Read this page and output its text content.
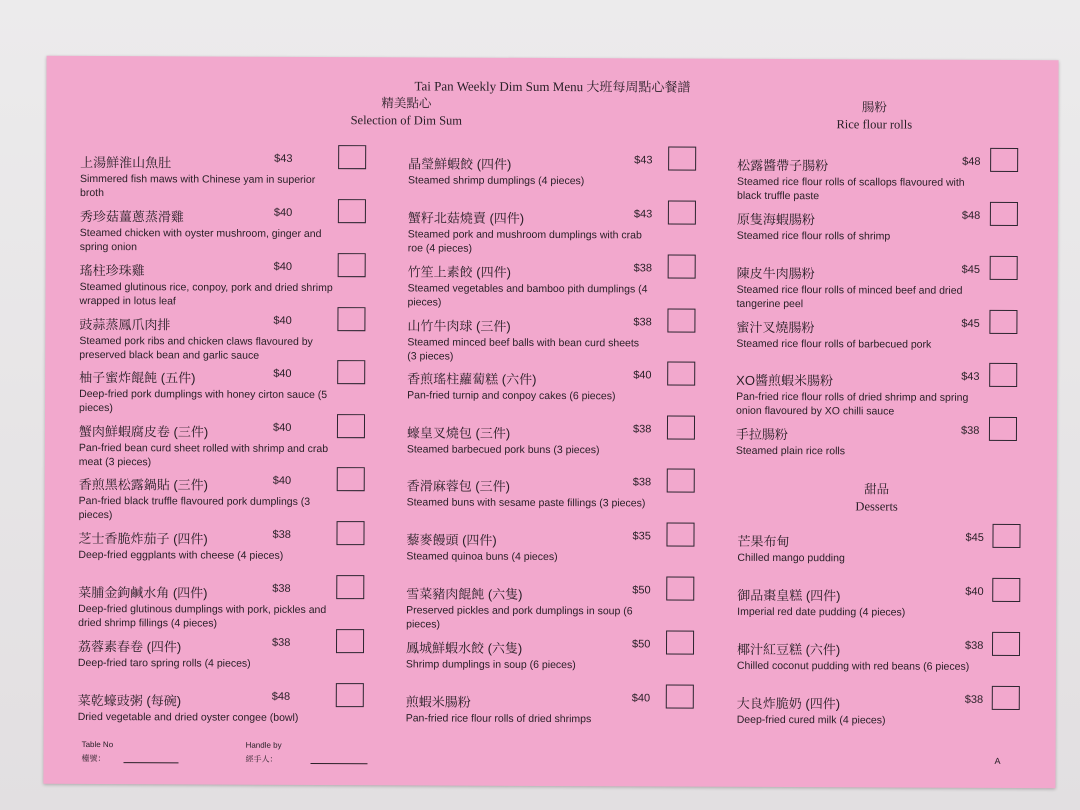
Tai Pan Weekly Dim Sum Menu 大班每周點心餐譜
精美點心
Selection of Dim Sum
腸粉
Rice flour rolls
甜品
Desserts
上湯鮮淮山魚肚	$43
Simmered fish maws with Chinese yam in superior broth
秀珍菇薑蔥蒸滑雞	$40
Steamed chicken with oyster mushroom, ginger and spring onion
瑤柱珍珠雞	$40
Steamed glutinous rice, conpoy, pork and dried shrimp wrapped in lotus leaf
豉蒜蒸鳳爪肉排	$40
Steamed pork ribs and chicken claws flavoured by preserved black bean and garlic sauce
柚子蜜炸餛飩 (五件)	$40
Deep-fried pork dumplings with honey cirton sauce (5 pieces)
蟹肉鮮蝦腐皮卷 (三件)	$40
Pan-fried bean curd sheet rolled with shrimp and crab meat (3 pieces)
香煎黑松露鍋貼 (三件)	$40
Pan-fried black truffle flavoured pork dumplings (3 pieces)
芝士香脆炸茄子 (四件)	$38
Deep-fried eggplants with cheese (4 pieces)
菜脯金鉤鹹水角 (四件)	$38
Deep-fried glutinous dumplings with pork, pickles and dried shrimp fillings (4 pieces)
荔蓉素春卷 (四件)	$38
Deep-fried taro spring rolls (4 pieces)
菜乾蠔豉粥 (每碗)	$48
Dried vegetable and dried oyster congee (bowl)
晶瑩鮮蝦餃 (四件)	$43
Steamed shrimp dumplings (4 pieces)
蟹籽北菇燒賣 (四件)	$43
Steamed pork and mushroom dumplings with crab roe (4 pieces)
竹笙上素餃 (四件)	$38
Steamed vegetables and bamboo pith dumplings (4 pieces)
山竹牛肉球 (三件)	$38
Steamed minced beef balls with bean curd sheets (3 pieces)
香煎瑤柱蘿蔔糕 (六件)	$40
Pan-fried turnip and conpoy cakes (6 pieces)
蠔皇叉燒包 (三件)	$38
Steamed barbecued pork buns (3 pieces)
香滑麻蓉包 (三件)	$38
Steamed buns with sesame paste fillings (3 pieces)
藜麥饅頭 (四件)	$35
Steamed quinoa buns (4 pieces)
雪菜豬肉餛飩 (六隻)	$50
Preserved pickles and pork dumplings in soup (6 pieces)
鳳城鮮蝦水餃 (六隻)	$50
Shrimp dumplings in soup (6 pieces)
煎蝦米腸粉	$40
Pan-fried rice flour rolls of dried shrimps
松露醬帶子腸粉	$48
Steamed rice flour rolls of scallops flavoured with black truffle paste
原隻海蝦腸粉	$48
Steamed rice flour rolls of shrimp
陳皮牛肉腸粉	$45
Steamed rice flour rolls of minced beef and dried tangerine peel
蜜汁叉燒腸粉	$45
Steamed rice flour rolls of barbecued pork
XO醬煎蝦米腸粉	$43
Pan-fried rice flour rolls of dried shrimp and spring onion flavoured by XO chilli sauce
手拉腸粉	$38
Steamed plain rice rolls
芒果布甸	$45
Chilled mango pudding
御品棗皇糕 (四件)	$40
Imperial red date pudding (4 pieces)
椰汁紅豆糕 (六件)	$38
Chilled coconut pudding with red beans (6 pieces)
大良炸脆奶 (四件)	$38
Deep-fried cured milk (4 pieces)
Table No
檯號：
Handle by
經手人：	A
